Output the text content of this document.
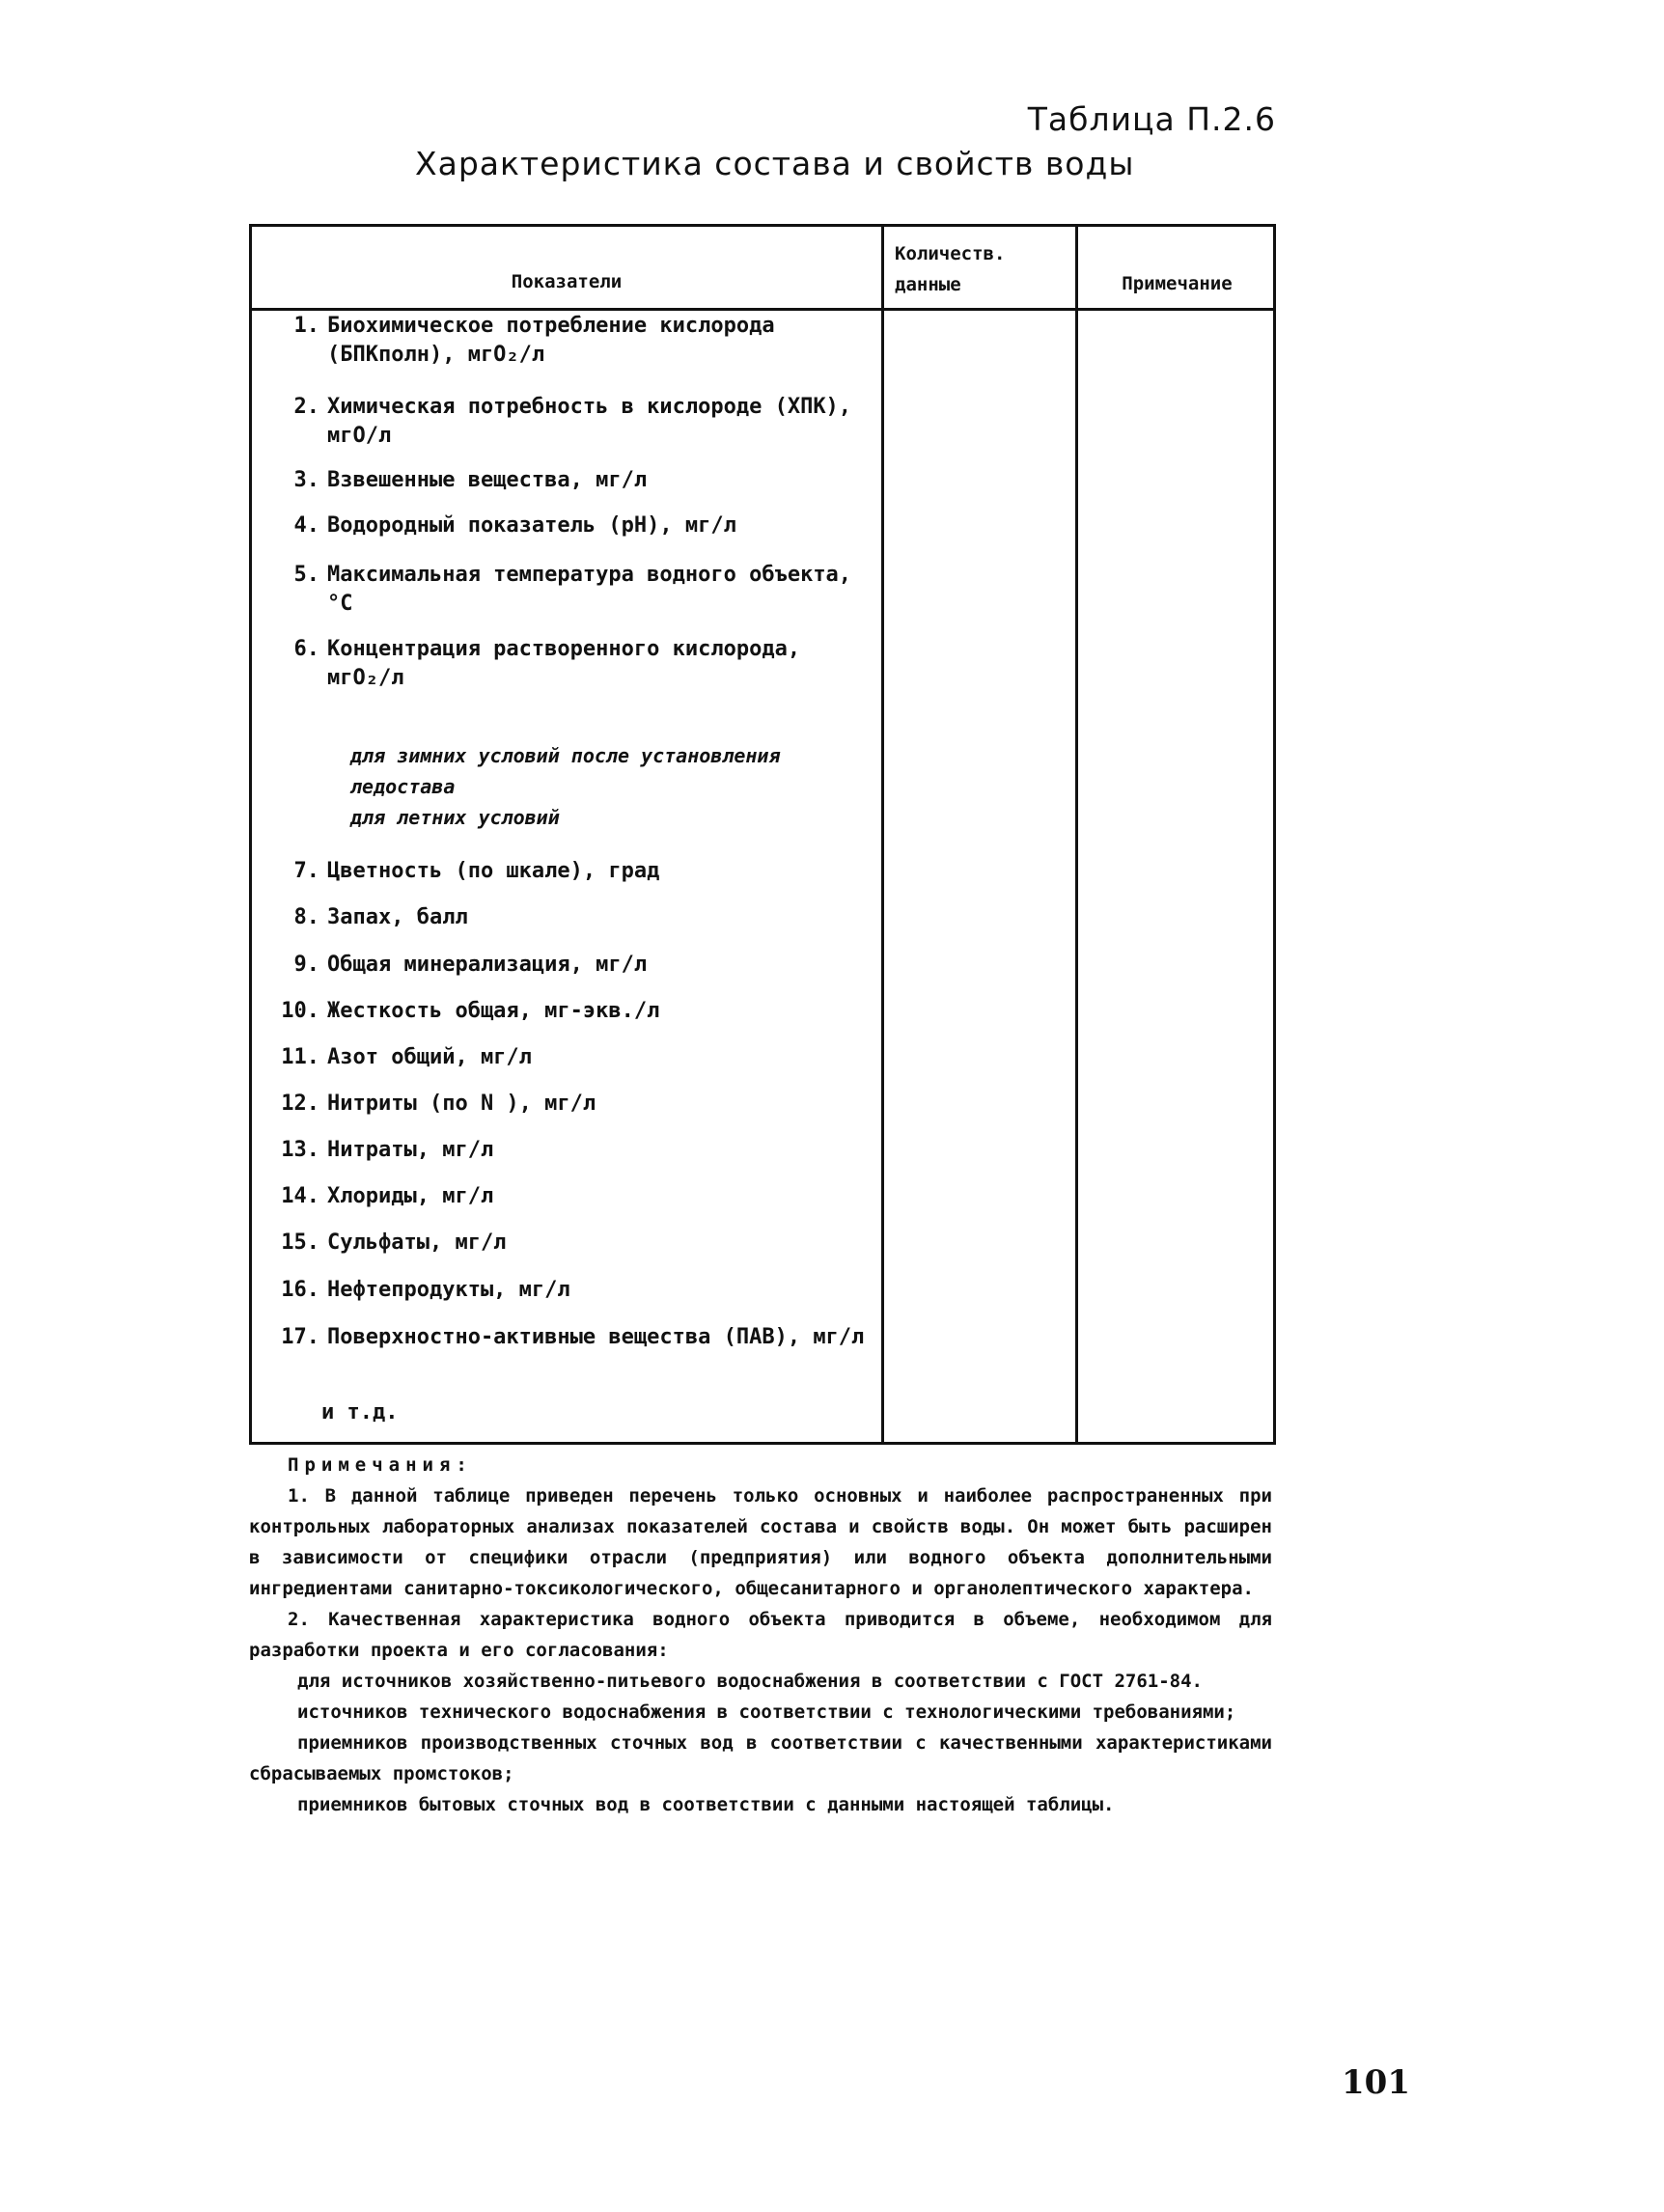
Таблица П.2.6
Характеристика состава и свойств воды
Показатели
Количеств. данные	Примечание
1. Биохимическое потребление кислорода (БПКполн), мгО₂/л
2. Химическая потребность в кислороде (ХПК), мгО/л
3. Взвешенные вещества, мг/л
4. Водородный показатель (рН), мг/л
5. Максимальная температура водного объекта, °С
6. Концентрация растворенного кислорода, мгО₂/л
для зимних условий после установления ледостава
для летних условий
7. Цветность (по шкале), град
8. Запах, балл
9. Общая минерализация, мг/л
10. Жесткость общая, мг-экв./л
11. Азот общий, мг/л
12. Нитриты (по N ), мг/л
13. Нитраты, мг/л
14. Хлориды, мг/л
15. Сульфаты, мг/л
16. Нефтепродукты, мг/л
17. Поверхностно-активные вещества (ПАВ), мг/л
и т.д.

Примечания:

1. В данной таблице приведен перечень только основных и наиболее распространенных при контрольных лабораторных анализах показателей состава и свойств воды. Он может быть расширен в зависимости от специфики отрасли (предприятия) или водного объекта дополнительными ингредиентами санитарно-токсикологического, общесанитарного и органолептического характера.

2. Качественная характеристика водного объекта приводится в объеме, необходимом для разработки проекта и его согласования:

для источников хозяйственно-питьевого водоснабжения в соответствии с ГОСТ 2761-84.

источников технического водоснабжения в соответствии с технологическими требованиями;

приемников производственных сточных вод в соответствии с качественными характеристиками сбрасываемых промстоков;

приемников бытовых сточных вод в соответствии с данными настоящей таблицы.

101
